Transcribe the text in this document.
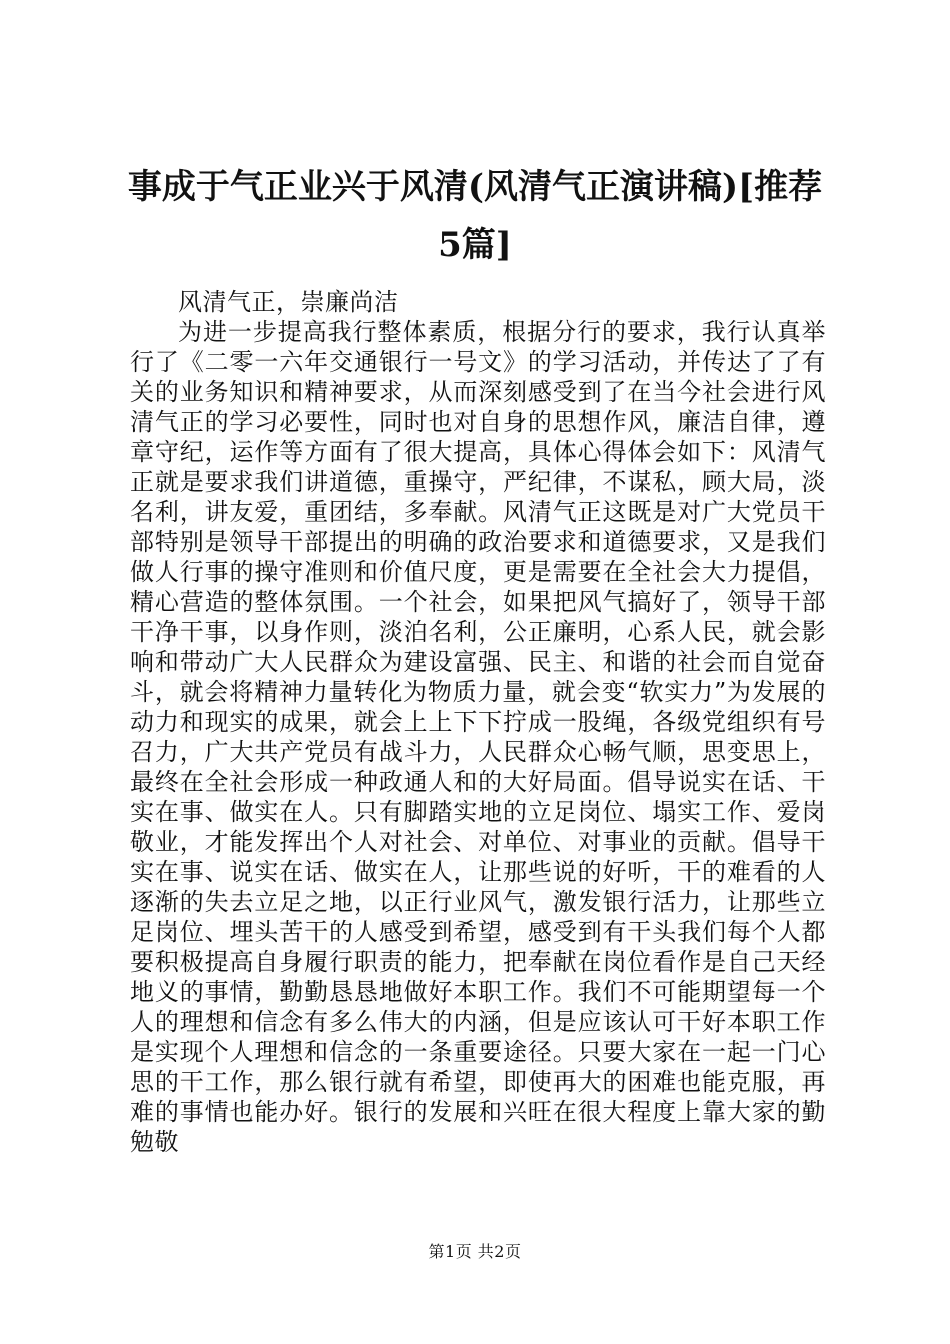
事成于气正业兴于风清(风清气正演讲稿)[推荐5篇]

风清气正，崇廉尚洁

为进一步提高我行整体素质，根据分行的要求，我行认真举行了《二零一六年交通银行一号文》的学习活动，并传达了了有关的业务知识和精神要求，从而深刻感受到了在当今社会进行风清气正的学习必要性，同时也对自身的思想作风，廉洁自律，遵章守纪，运作等方面有了很大提高，具体心得体会如下：风清气正就是要求我们讲道德，重操守，严纪律，不谋私，顾大局，淡名利，讲友爱，重团结，多奉献。风清气正这既是对广大党员干部特别是领导干部提出的明确的政治要求和道德要求，又是我们做人行事的操守准则和价值尺度，更是需要在全社会大力提倡，精心营造的整体氛围。一个社会，如果把风气搞好了，领导干部干净干事，以身作则，淡泊名利，公正廉明，心系人民，就会影响和带动广大人民群众为建设富强、民主、和谐的社会而自觉奋斗，就会将精神力量转化为物质力量，就会变“软实力”为发展的动力和现实的成果，就会上上下下拧成一股绳，各级党组织有号召力，广大共产党员有战斗力，人民群众心畅气顺，思变思上，最终在全社会形成一种政通人和的大好局面。倡导说实在话、干实在事、做实在人。只有脚踏实地的立足岗位、塌实工作、爱岗敬业，才能发挥出个人对社会、对单位、对事业的贡献。倡导干实在事、说实在话、做实在人，让那些说的好听，干的难看的人逐渐的失去立足之地，以正行业风气，激发银行活力，让那些立足岗位、埋头苦干的人感受到希望，感受到有干头我们每个人都要积极提高自身履行职责的能力，把奉献在岗位看作是自己天经地义的事情，勤勤恳恳地做好本职工作。我们不可能期望每一个人的理想和信念有多么伟大的内涵，但是应该认可干好本职工作是实现个人理想和信念的一条重要途径。只要大家在一起一门心思的干工作，那么银行就有希望，即使再大的困难也能克服，再难的事情也能办好。银行的发展和兴旺在很大程度上靠大家的勤勉敬

第1页 共2页
